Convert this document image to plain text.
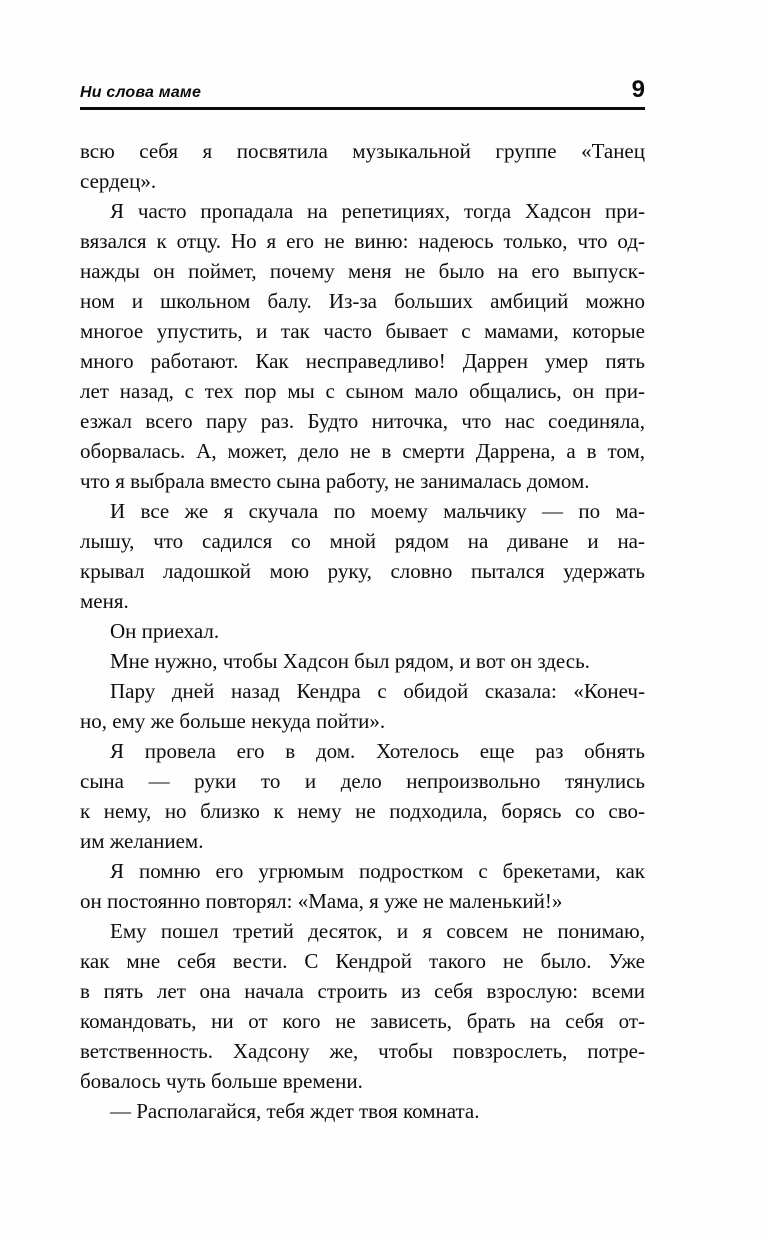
Ни слова маме	9
всю себя я посвятила музыкальной группе «Танец
сердец».
Я часто пропадала на репетициях, тогда Хадсон при-
вязался к отцу. Но я его не виню: надеюсь только, что од-
нажды он поймет, почему меня не было на его выпуск-
ном и школьном балу. Из-за больших амбиций можно
многое упустить, и так часто бывает с мамами, которые
много работают. Как несправедливо! Даррен умер пять
лет назад, с тех пор мы с сыном мало общались, он при-
езжал всего пару раз. Будто ниточка, что нас соединяла,
оборвалась. А, может, дело не в смерти Даррена, а в том,
что я выбрала вместо сына работу, не занималась домом.
И все же я скучала по моему мальчику — по ма-
лышу, что садился со мной рядом на диване и на-
крывал ладошкой мою руку, словно пытался удержать
меня.
Он приехал.
Мне нужно, чтобы Хадсон был рядом, и вот он здесь.
Пару дней назад Кендра с обидой сказала: «Конеч-
но, ему же больше некуда пойти».
Я провела его в дом. Хотелось еще раз обнять
сына — руки то и дело непроизвольно тянулись
к нему, но близко к нему не подходила, борясь со сво-
им желанием.
Я помню его угрюмым подростком с брекетами, как
он постоянно повторял: «Мама, я уже не маленький!»
Ему пошел третий десяток, и я совсем не понимаю,
как мне себя вести. С Кендрой такого не было. Уже
в пять лет она начала строить из себя взрослую: всеми
командовать, ни от кого не зависеть, брать на себя от-
ветственность. Хадсону же, чтобы повзрослеть, потре-
бовалось чуть больше времени.
— Располагайся, тебя ждет твоя комната.
